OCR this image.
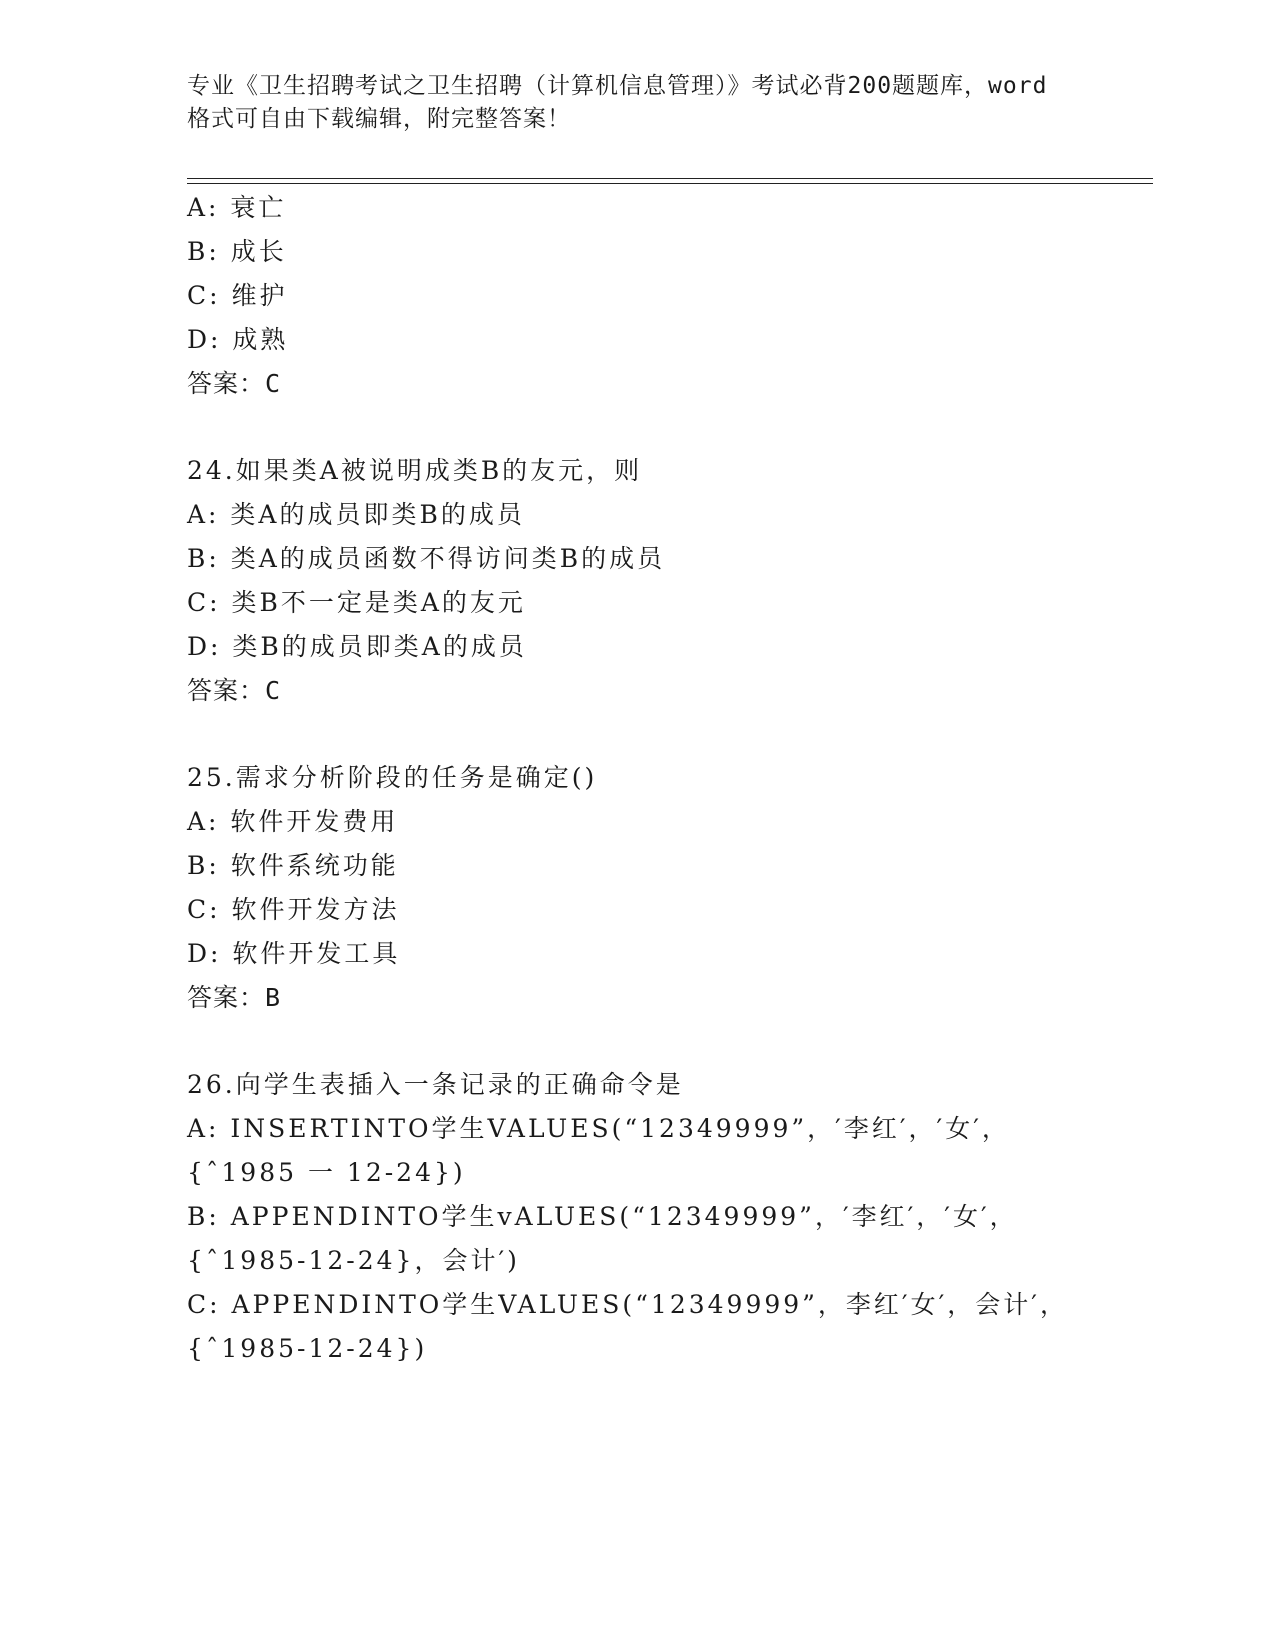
专业《卫生招聘考试之卫生招聘（计算机信息管理）》考试必背200题题库，word
格式可自由下载编辑，附完整答案！
A: 衰亡
B: 成长
C: 维护
D: 成熟
答案：C
24.如果类A被说明成类B的友元，则
A: 类A的成员即类B的成员
B: 类A的成员函数不得访问类B的成员
C: 类B不一定是类A的友元
D: 类B的成员即类A的成员
答案：C
25.需求分析阶段的任务是确定()
A: 软件开发费用
B: 软件系统功能
C: 软件开发方法
D: 软件开发工具
答案：B
26.向学生表插入一条记录的正确命令是
A: INSERTINTO学生VALUES(“12349999”，′李红′，′女′，
{ˆ1985 一 12-24})
B: APPENDINTO学生vALUES(“12349999”，′李红′，′女′，
{ˆ1985-12-24}，会计′)
C: APPENDINTO学生VALUES(“12349999”，李红′女′，会计′，
{ˆ1985-12-24})
